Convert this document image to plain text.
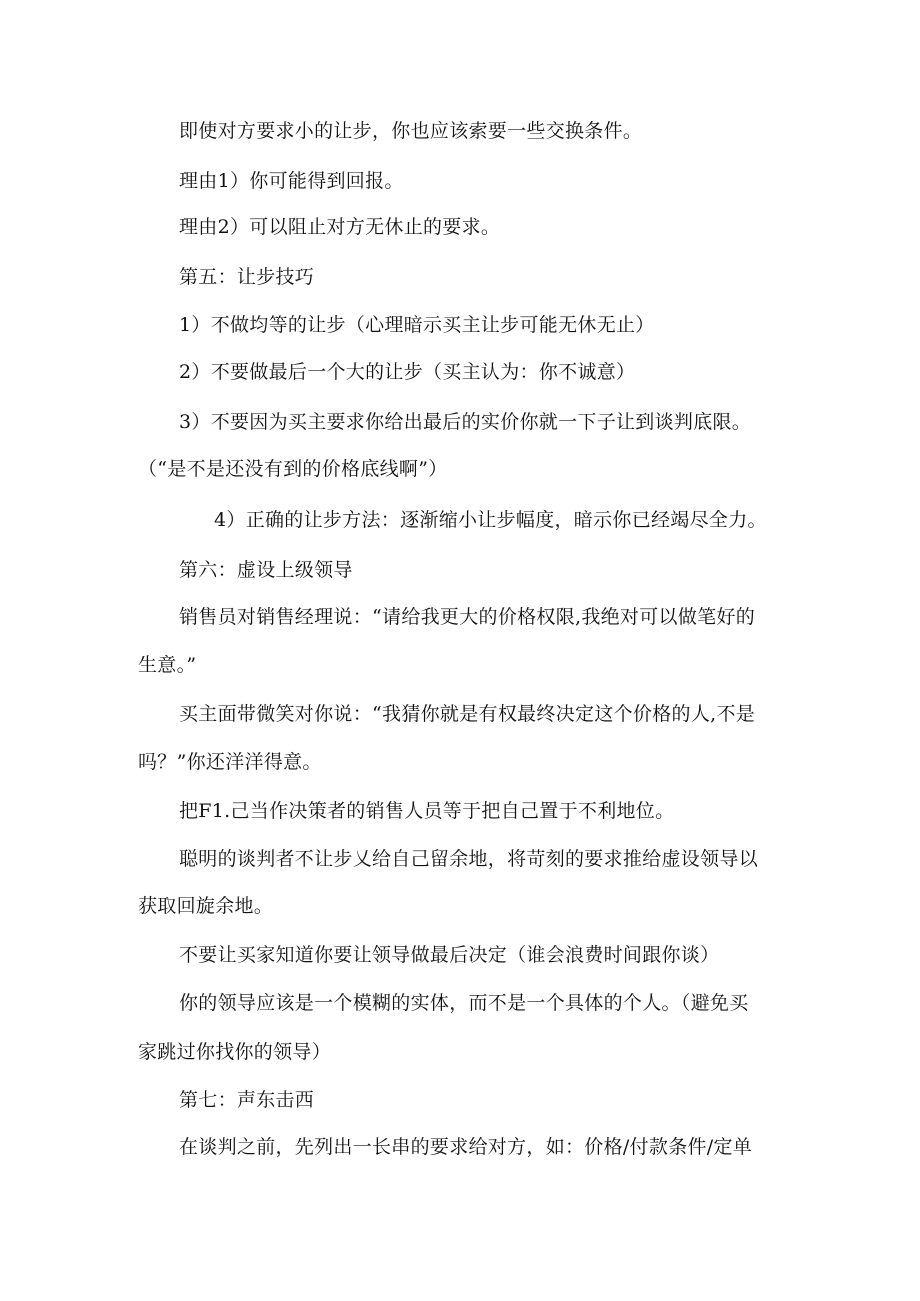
即使对方要求小的让步，你也应该索要一些交换条件。

理由1）你可能得到回报。

理由2）可以阻止对方无休止的要求。

第五：让步技巧

1）不做均等的让步（心理暗示买主让步可能无休无止）

2）不要做最后一个大的让步（买主认为：你不诚意）

3）不要因为买主要求你给出最后的实价你就一下子让到谈判底限。

（“是不是还没有到的价格底线啊”）

4）正确的让步方法：逐渐缩小让步幅度，暗示你已经竭尽全力。

第六：虚设上级领导

销售员对销售经理说：“请给我更大的价格权限,我绝对可以做笔好的

生意。”

买主面带微笑对你说：“我猜你就是有权最终决定这个价格的人,不是

吗？”你还洋洋得意。

把F1.己当作决策者的销售人员等于把自己置于不利地位。

聪明的谈判者不让步乂给自己留余地，将苛刻的要求推给虚设领导以

获取回旋余地。

不要让买家知道你要让领导做最后决定（谁会浪费时间跟你谈）

你的领导应该是一个模糊的实体，而不是一个具体的个人。（避免买

家跳过你找你的领导）

第七：声东击西

在谈判之前，先列出一长串的要求给对方，如：价格/付款条件/定单
